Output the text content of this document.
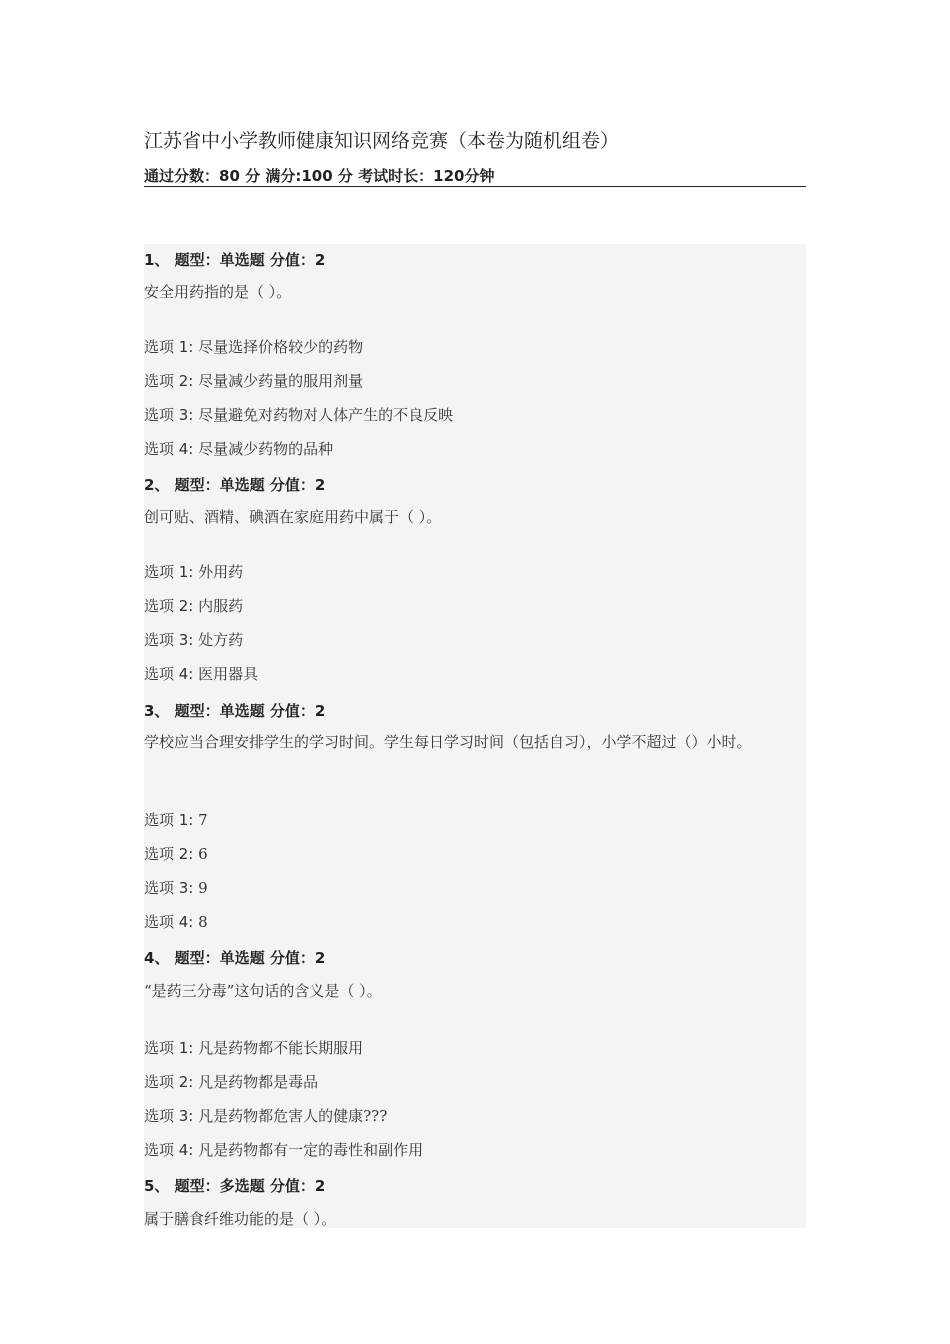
江苏省中小学教师健康知识网络竞赛（本卷为随机组卷）
通过分数：80 分 满分:100 分 考试时长：120分钟
1、 题型：单选题 分值：2
安全用药指的是（ ）。
选项 1: 尽量选择价格较少的药物
选项 2: 尽量减少药量的服用剂量
选项 3: 尽量避免对药物对人体产生的不良反映
选项 4: 尽量减少药物的品种
2、 题型：单选题 分值：2
创可贴、酒精、碘酒在家庭用药中属于（ ）。
选项 1: 外用药
选项 2: 内服药
选项 3: 处方药
选项 4: 医用器具
3、 题型：单选题 分值：2
学校应当合理安排学生的学习时间。学生每日学习时间（包括自习），小学不超过（）小时。
选项 1: 7
选项 2: 6
选项 3: 9
选项 4: 8
4、 题型：单选题 分值：2
“是药三分毒”这句话的含义是（ ）。
选项 1: 凡是药物都不能长期服用
选项 2: 凡是药物都是毒品
选项 3: 凡是药物都危害人的健康???
选项 4: 凡是药物都有一定的毒性和副作用
5、 题型：多选题 分值：2
属于膳食纤维功能的是（ ）。
